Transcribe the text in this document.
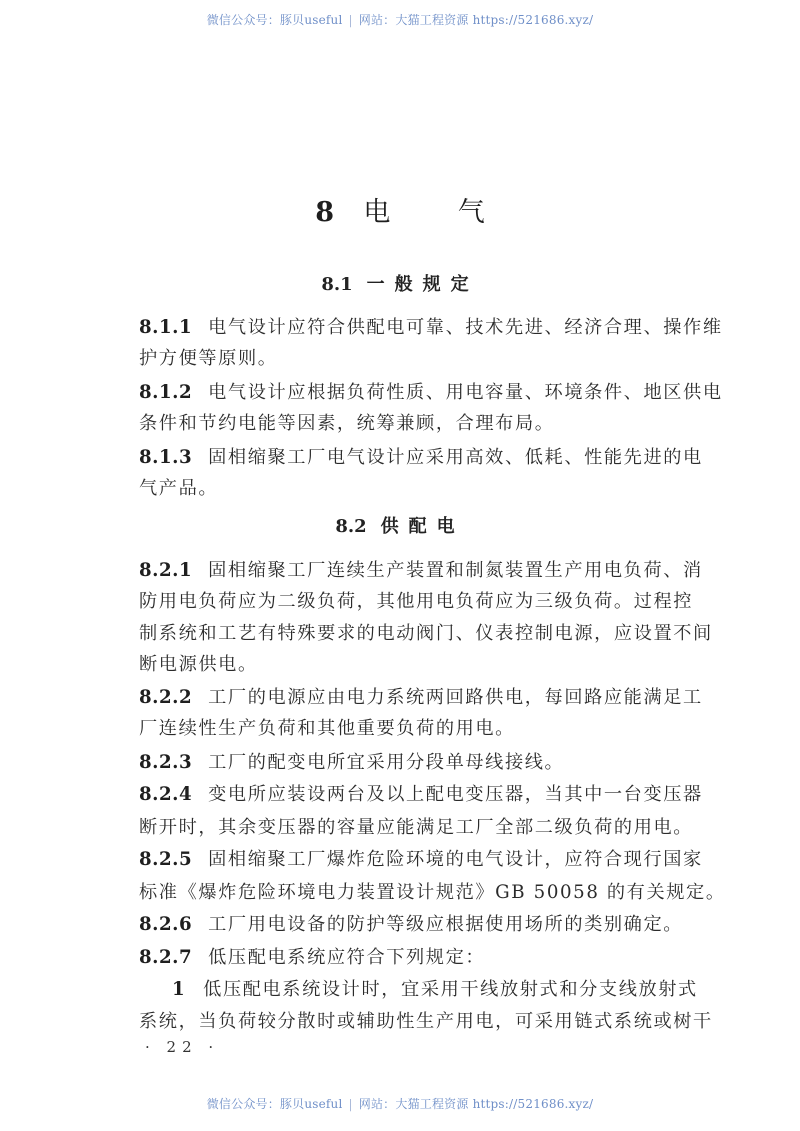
微信公众号：豚贝useful | 网站：大猫工程资源 https://521686.xyz/
8 电 气
8.1 一般规定
8.1.1 电气设计应符合供配电可靠、技术先进、经济合理、操作维
护方便等原则。
8.1.2 电气设计应根据负荷性质、用电容量、环境条件、地区供电
条件和节约电能等因素，统筹兼顾，合理布局。
8.1.3 固相缩聚工厂电气设计应采用高效、低耗、性能先进的电
气产品。
8.2 供配电
8.2.1 固相缩聚工厂连续生产装置和制氮装置生产用电负荷、消
防用电负荷应为二级负荷，其他用电负荷应为三级负荷。过程控
制系统和工艺有特殊要求的电动阀门、仪表控制电源，应设置不间
断电源供电。
8.2.2 工厂的电源应由电力系统两回路供电，每回路应能满足工
厂连续性生产负荷和其他重要负荷的用电。
8.2.3 工厂的配变电所宜采用分段单母线接线。
8.2.4 变电所应装设两台及以上配电变压器，当其中一台变压器
断开时，其余变压器的容量应能满足工厂全部二级负荷的用电。
8.2.5 固相缩聚工厂爆炸危险环境的电气设计，应符合现行国家
标准《爆炸危险环境电力装置设计规范》GB 50058 的有关规定。
8.2.6 工厂用电设备的防护等级应根据使用场所的类别确定。
8.2.7 低压配电系统应符合下列规定：
1 低压配电系统设计时，宜采用干线放射式和分支线放射式
系统，当负荷较分散时或辅助性生产用电，可采用链式系统或树干
· 22 ·
微信公众号：豚贝useful | 网站：大猫工程资源 https://521686.xyz/
